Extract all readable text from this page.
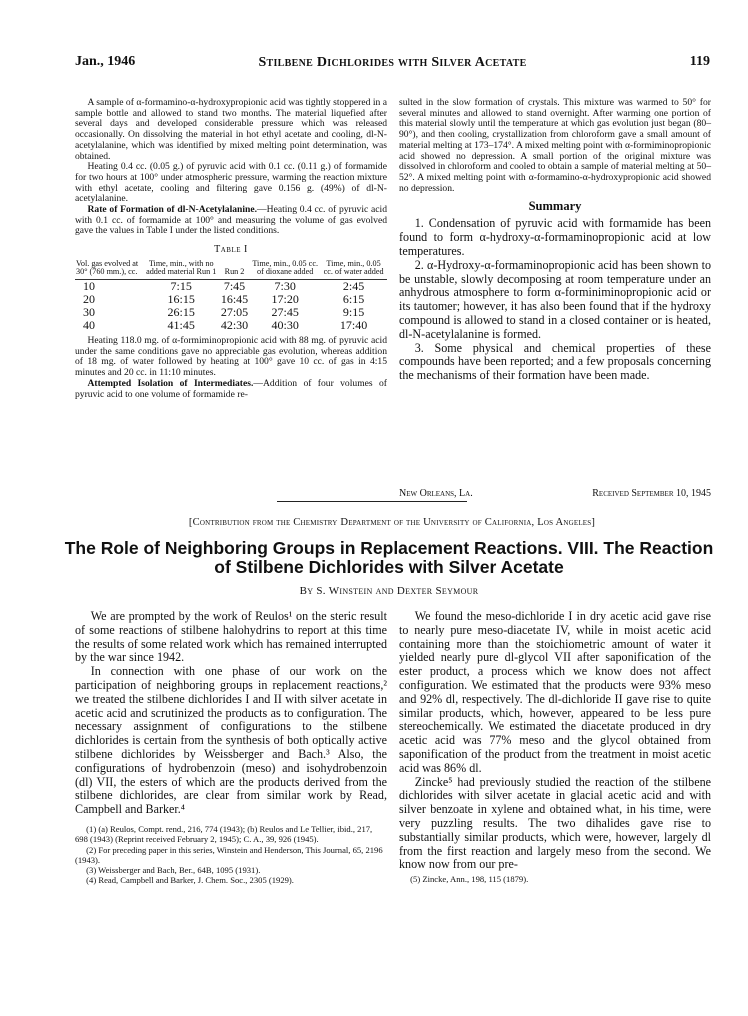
Jan., 1946	Stilbene Dichlorides with Silver Acetate	119

A sample of α-formamino-α-hydroxypropionic acid was tightly stoppered in a sample bottle and allowed to stand two months. The material liquefied after several days and developed considerable pressure which was released occasionally. On dissolving the material in hot ethyl acetate and cooling, dl-N-acetylalanine, which was identified by mixed melting point determination, was obtained.

Heating 0.4 cc. (0.05 g.) of pyruvic acid with 0.1 cc. (0.11 g.) of formamide for two hours at 100° under atmospheric pressure, warming the reaction mixture with ethyl acetate, cooling and filtering gave 0.156 g. (49%) of dl-N-acetylalanine.

Rate of Formation of dl-N-Acetylalanine.—Heating 0.4 cc. of pyruvic acid with 0.1 cc. of formamide at 100° and measuring the volume of gas evolved gave the values in Table I under the listed conditions.

Table I
Vol. gas evolved at 30° (760 mm.), cc.	Time, min., with no added material Run 1	Run 2	Time, min., 0.05 cc. of dioxane added	Time, min., 0.05 cc. of water added
10	7:15	7:45	7:30	2:45
20	16:15	16:45	17:20	6:15
30	26:15	27:05	27:45	9:15
40	41:45	42:30	40:30	17:40

Heating 118.0 mg. of α-formiminopropionic acid with 88 mg. of pyruvic acid under the same conditions gave no appreciable gas evolution, whereas addition of 18 mg. of water followed by heating at 100° gave 10 cc. of gas in 4:15 minutes and 20 cc. in 11:10 minutes.

Attempted Isolation of Intermediates.—Addition of four volumes of pyruvic acid to one volume of formamide re-

sulted in the slow formation of crystals. This mixture was warmed to 50° for several minutes and allowed to stand overnight. After warming one portion of this material slowly until the temperature at which gas evolution just began (80–90°), and then cooling, crystallization from chloroform gave a small amount of material melting at 173–174°. A mixed melting point with α-formiminopropionic acid showed no depression. A small portion of the original mixture was dissolved in chloroform and cooled to obtain a sample of material melting at 50–52°. A mixed melting point with α-formamino-α-hydroxypropionic acid showed no depression.

Summary

1. Condensation of pyruvic acid with formamide has been found to form α-hydroxy-α-formaminopropionic acid at low temperatures.

2. α-Hydroxy-α-formaminopropionic acid has been shown to be unstable, slowly decomposing at room temperature under an anhydrous atmosphere to form α-forminiminopropionic acid or its tautomer; however, it has also been found that if the hydroxy compound is allowed to stand in a closed container or is heated, dl-N-acetylalanine is formed.

3. Some physical and chemical properties of these compounds have been reported; and a few proposals concerning the mechanisms of their formation have been made.

New Orleans, La.	Received September 10, 1945
[Contribution from the Chemistry Department of the University of California, Los Angeles]
The Role of Neighboring Groups in Replacement Reactions. VIII. The Reaction
of Stilbene Dichlorides with Silver Acetate
By S. Winstein and Dexter Seymour

We are prompted by the work of Reulos¹ on the steric result of some reactions of stilbene halohydrins to report at this time the results of some related work which has remained interrupted by the war since 1942.

In connection with one phase of our work on the participation of neighboring groups in replacement reactions,² we treated the stilbene dichlorides I and II with silver acetate in acetic acid and scrutinized the products as to configuration. The necessary assignment of configurations to the stilbene dichlorides is certain from the synthesis of both optically active stilbene dichlorides by Weissberger and Bach.³ Also, the configurations of hydrobenzoin (meso) and isohydrobenzoin (dl) VII, the esters of which are the products derived from the stilbene dichlorides, are clear from similar work by Read, Campbell and Barker.⁴

(1) (a) Reulos, Compt. rend., 216, 774 (1943); (b) Reulos and Le Tellier, ibid., 217, 698 (1943) (Reprint received February 2, 1945); C. A., 39, 926 (1945).
(2) For preceding paper in this series, Winstein and Henderson, This Journal, 65, 2196 (1943).
(3) Weissberger and Bach, Ber., 64B, 1095 (1931).
(4) Read, Campbell and Barker, J. Chem. Soc., 2305 (1929).

We found the meso-dichloride I in dry acetic acid gave rise to nearly pure meso-diacetate IV, while in moist acetic acid containing more than the stoichiometric amount of water it yielded nearly pure dl-glycol VII after saponification of the ester product, a process which we know does not affect configuration. We estimated that the products were 93% meso and 92% dl, respectively. The dl-dichloride II gave rise to quite similar products, which, however, appeared to be less pure stereochemically. We estimated the diacetate produced in dry acetic acid was 77% meso and the glycol obtained from saponification of the product from the treatment in moist acetic acid was 86% dl.

Zincke⁵ had previously studied the reaction of the stilbene dichlorides with silver acetate in glacial acetic acid and with silver benzoate in xylene and obtained what, in his time, were very puzzling results. The two dihalides gave rise to substantially similar products, which were, however, largely dl from the first reaction and largely meso from the second. We know now from our pre-

(5) Zincke, Ann., 198, 115 (1879).
